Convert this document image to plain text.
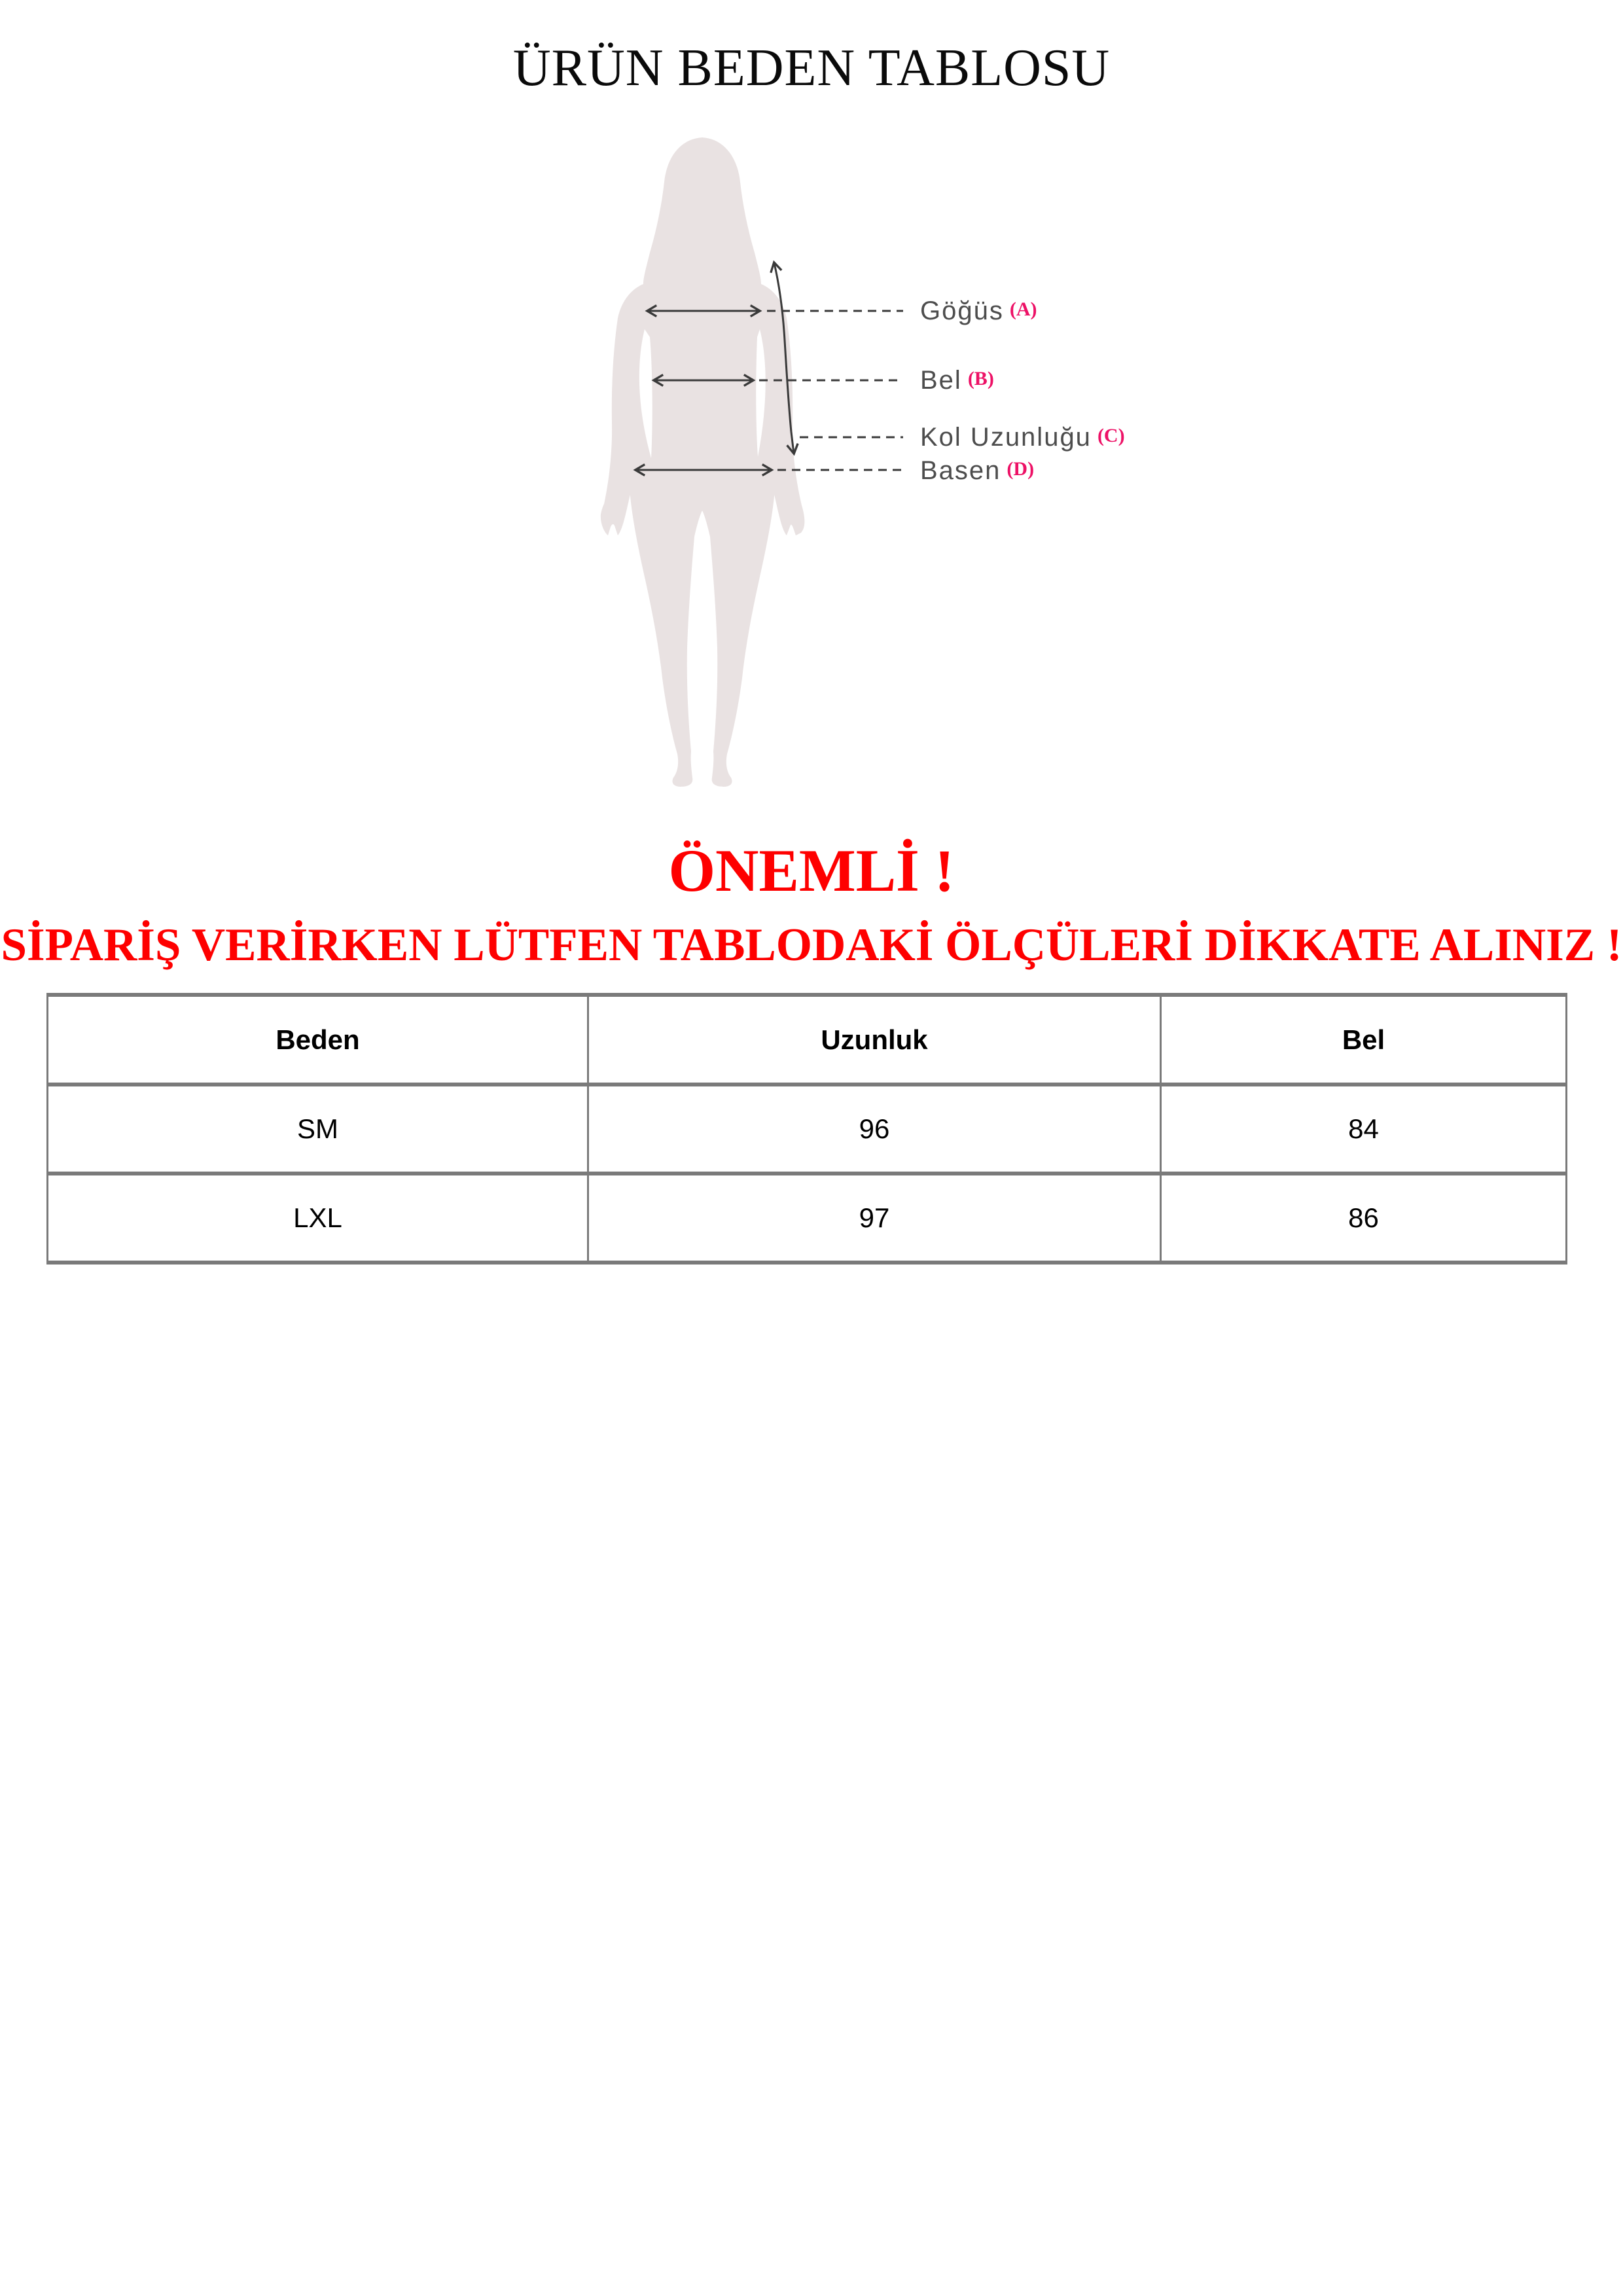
ÜRÜN BEDEN TABLOSU
Göğüs (A)
Bel (B)
Kol Uzunluğu (C)
Basen (D)
ÖNEMLİ !
SİPARİŞ VERİRKEN LÜTFEN TABLODAKİ ÖLÇÜLERİ DİKKATE ALINIZ !
Beden	Uzunluk	Bel
SM	96	84
LXL	97	86
